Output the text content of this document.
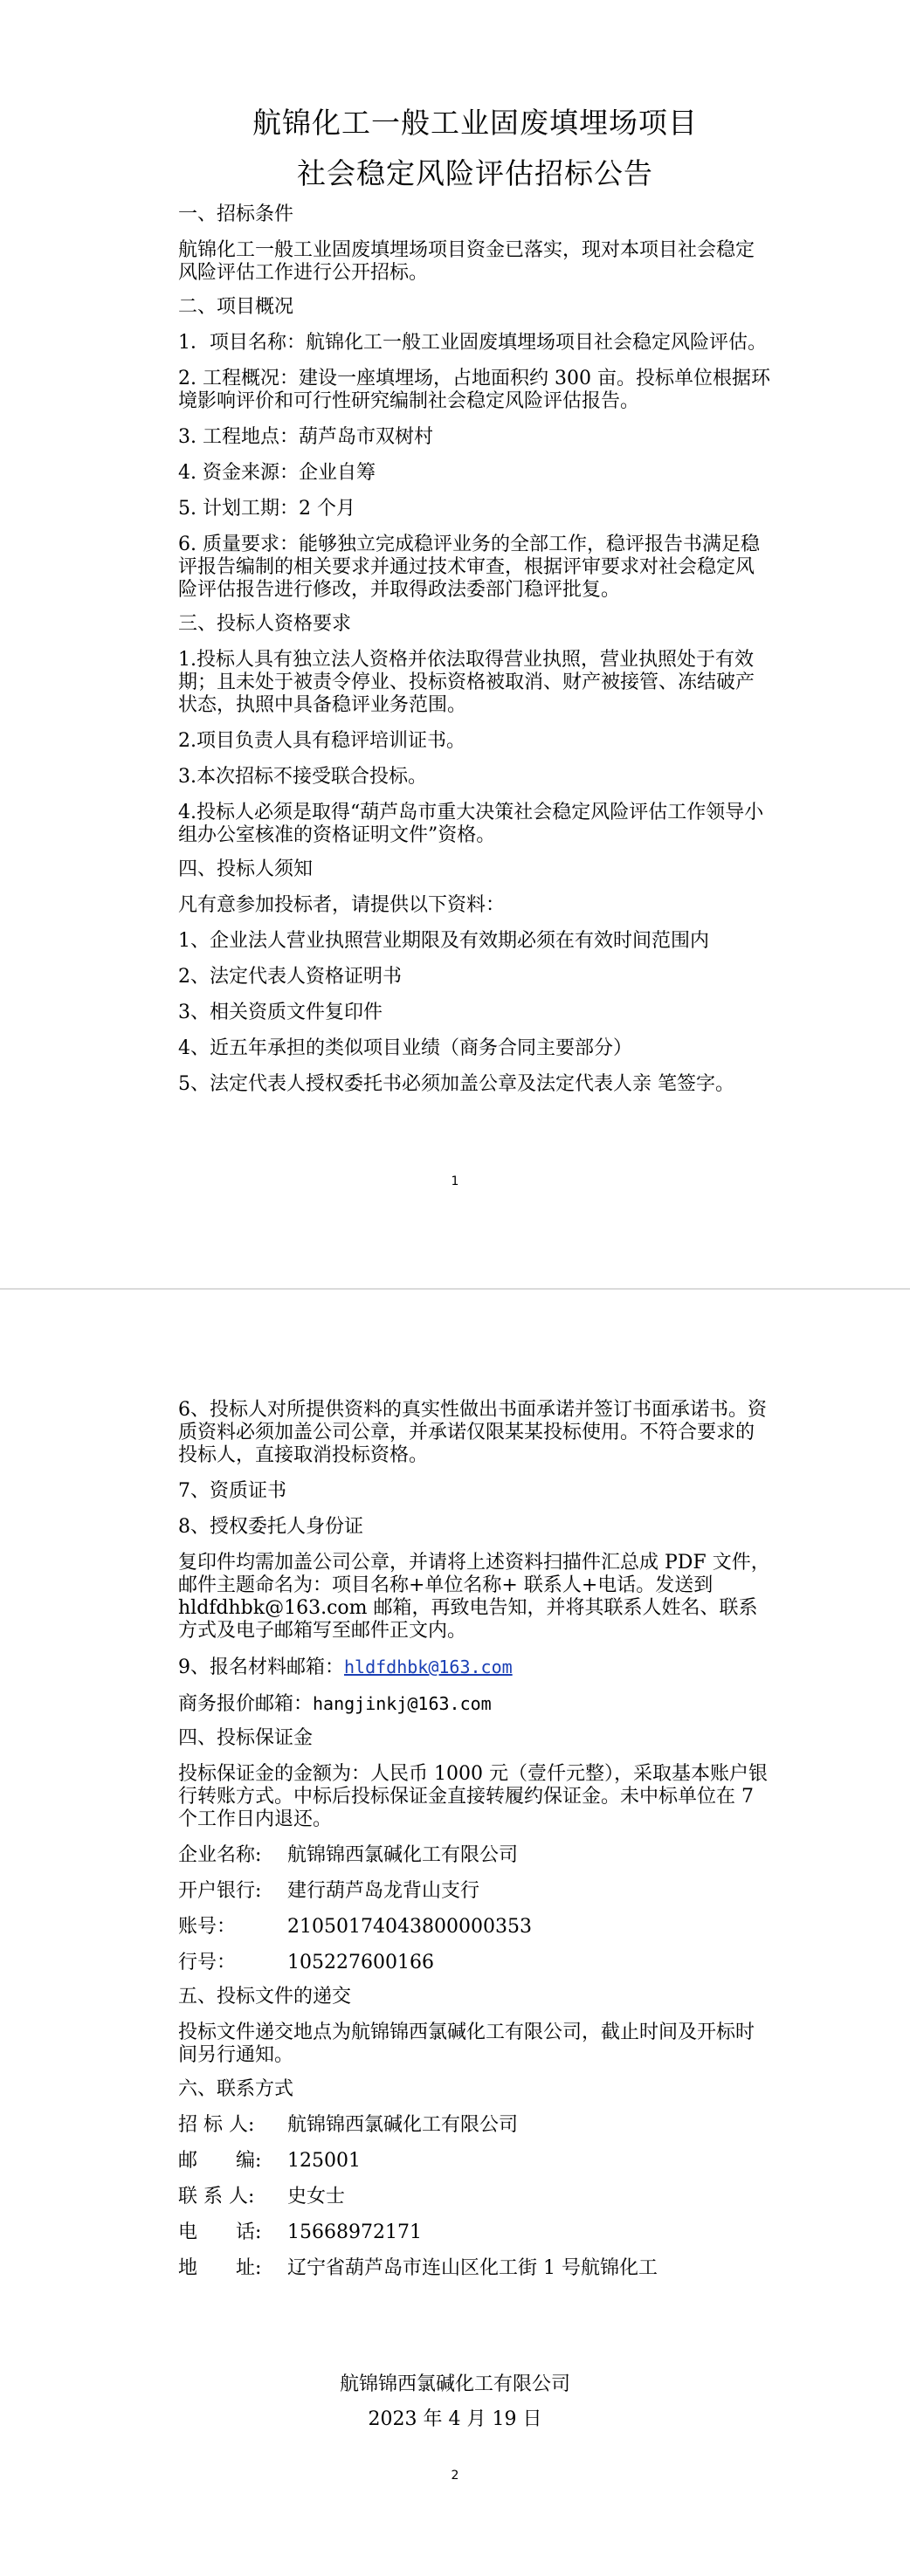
航锦化工一般工业固废填埋场项目
社会稳定风险评估招标公告

一、招标条件

航锦化工一般工业固废填埋场项目资金已落实，现对本项目社会稳定风险评估工作进行公开招标。

二、项目概况

1．项目名称：航锦化工一般工业固废填埋场项目社会稳定风险评估。

2. 工程概况：建设一座填埋场，占地面积约 300 亩。投标单位根据环境影响评价和可行性研究编制社会稳定风险评估报告。

3. 工程地点：葫芦岛市双树村

4. 资金来源：企业自筹

5. 计划工期：2 个月

6. 质量要求：能够独立完成稳评业务的全部工作，稳评报告书满足稳评报告编制的相关要求并通过技术审查，根据评审要求对社会稳定风险评估报告进行修改，并取得政法委部门稳评批复。

三、投标人资格要求

1.投标人具有独立法人资格并依法取得营业执照，营业执照处于有效期；且未处于被责令停业、投标资格被取消、财产被接管、冻结破产状态，执照中具备稳评业务范围。

2.项目负责人具有稳评培训证书。

3.本次招标不接受联合投标。

4.投标人必须是取得“葫芦岛市重大决策社会稳定风险评估工作领导小组办公室核准的资格证明文件”资格。

四、投标人须知

凡有意参加投标者，请提供以下资料：

1、企业法人营业执照营业期限及有效期必须在有效时间范围内

2、法定代表人资格证明书

3、相关资质文件复印件

4、近五年承担的类似项目业绩（商务合同主要部分）

5、法定代表人授权委托书必须加盖公章及法定代表人亲 笔签字。

1

6、投标人对所提供资料的真实性做出书面承诺并签订书面承诺书。资质资料必须加盖公司公章，并承诺仅限某某投标使用。不符合要求的投标人，直接取消投标资格。

7、资质证书

8、授权委托人身份证

复印件均需加盖公司公章，并请将上述资料扫描件汇总成 PDF 文件，邮件主题命名为：项目名称+单位名称+ 联系人+电话。发送到 hldfdhbk@163.com 邮箱，再致电告知，并将其联系人姓名、联系方式及电子邮箱写至邮件正文内。

9、报名材料邮箱：hldfdhbk@163.com

商务报价邮箱：hangjinkj@163.com

四、投标保证金

投标保证金的金额为：人民币 1000 元（壹仟元整），采取基本账户银行转账方式。中标后投标保证金直接转履约保证金。未中标单位在 7 个工作日内退还。

企业名称:	航锦锦西氯碱化工有限公司

开户银行:	建行葫芦岛龙背山支行

账号：	21050174043800000353

行号：	105227600166

五、投标文件的递交

投标文件递交地点为航锦锦西氯碱化工有限公司，截止时间及开标时间另行通知。

六、联系方式

招 标 人:	航锦锦西氯碱化工有限公司

邮　　编:	125001

联 系 人:	史女士

电　　话:	15668972171

地　　址:	辽宁省葫芦岛市连山区化工街 1 号航锦化工

航锦锦西氯碱化工有限公司
2023 年 4 月 19 日
2
